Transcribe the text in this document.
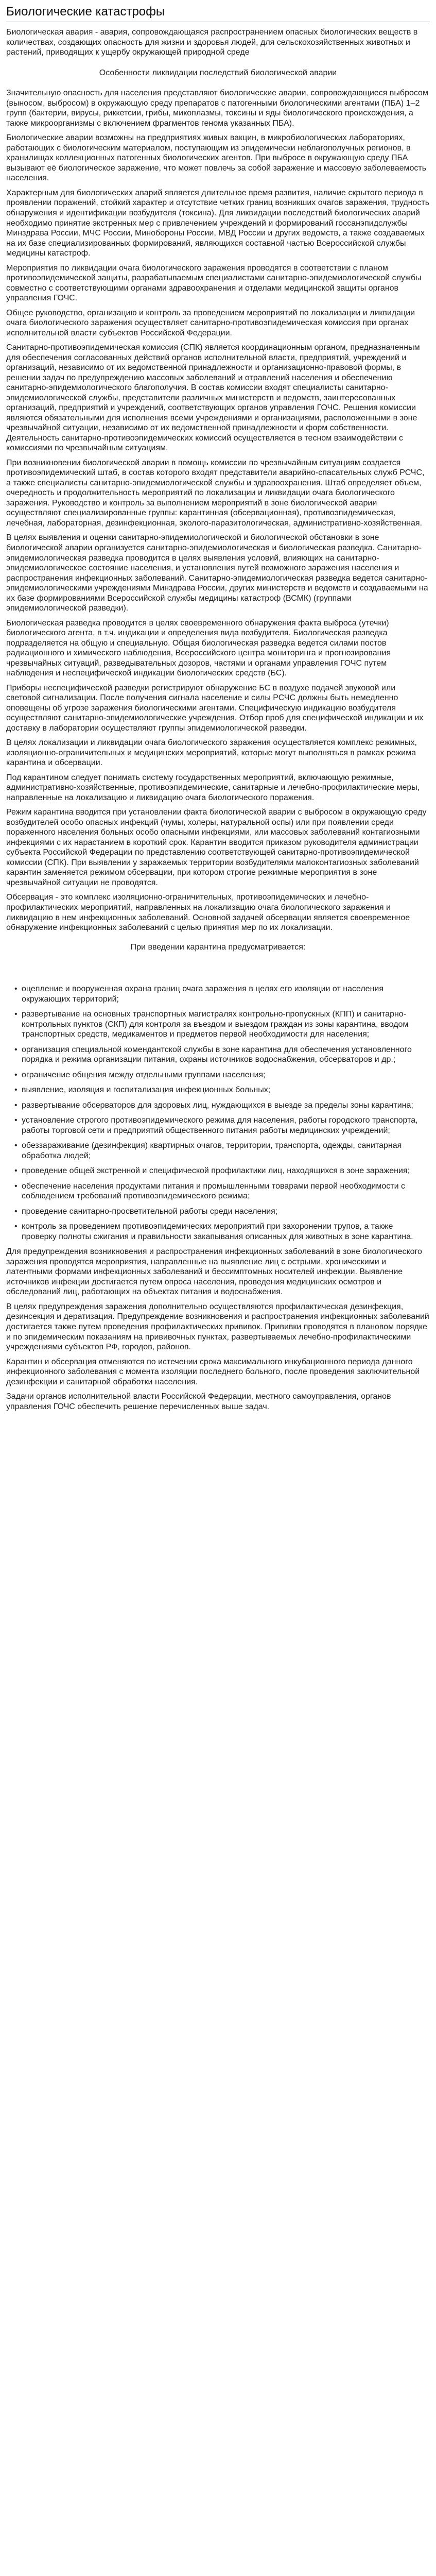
Биологические катастрофы

Биологическая авария - авария, сопровождающаяся распространением опасных биологических веществ в количествах, создающих опасность для жизни и здоровья людей, для сельскохозяйственных животных и растений, приводящих к ущербу окружающей природной среде

Особенности ликвидации последствий биологической аварии

Значительную опасность для населения представляют биологические аварии, сопровождающиеся выбросом (выносом, выбросом) в окружающую среду препаратов с патогенными биологическими агентами (ПБА) 1–2 групп (бактерии, вирусы, риккетсии, грибы, микоплазмы, токсины и яды биологического происхождения, а также микроорганизмы с включением фрагментов генома указанных ПБА).

Биологические аварии возможны на предприятиях живых вакцин, в микробиологических лабораториях, работающих с биологическим материалом, поступающим из эпидемически неблагополучных регионов, в хранилищах коллекционных патогенных биологических агентов. При выбросе в окружающую среду ПБА вызывают её биологическое заражение, что может повлечь за собой заражение и массовую заболеваемость населения.

Характерным для биологических аварий является длительное время развития, наличие скрытого периода в проявлении поражений, стойкий характер и отсутствие четких границ возникших очагов заражения, трудность обнаружения и идентификации возбудителя (токсина). Для ликвидации последствий биологических аварий необходимо принятие экстренных мер с привлечением учреждений и формирований госсанэпидслужбы Минздрава России, МЧС России, Минобороны России, МВД России и других ведомств, а также создаваемых на их базе специализированных формирований, являющихся составной частью Всероссийской службы медицины катастроф.

Мероприятия по ликвидации очага биологического заражения проводятся в соответствии с планом противоэпидемической защиты, разрабатываемым специалистами санитарно-эпидемиологической службы совместно с соответствующими органами здравоохранения и отделами медицинской защиты органов управления ГОЧС.

Общее руководство, организацию и контроль за проведением мероприятий по локализации и ликвидации очага биологического заражения осуществляет санитарно-противоэпидемическая комиссия при органах исполнительной власти субъектов Российской Федерации.

Санитарно-противоэпидемическая комиссия (СПК) является координационным органом, предназначенным для обеспечения согласованных действий органов исполнительной власти, предприятий, учреждений и организаций, независимо от их ведомственной принадлежности и организационно-правовой формы, в решении задач по предупреждению массовых заболеваний и отравлений населения и обеспечению санитарно-эпидемиологического благополучия. В состав комиссии входят специалисты санитарно-эпидемиологической службы, представители различных министерств и ведомств, заинтересованных организаций, предприятий и учреждений, соответствующих органов управления ГОЧС. Решения комиссии являются обязательными для исполнения всеми учреждениями и организациями, расположенными в зоне чрезвычайной ситуации, независимо от их ведомственной принадлежности и форм собственности. Деятельность санитарно-противоэпидемических комиссий осуществляется в тесном взаимодействии с комиссиями по чрезвычайным ситуациям.

При возникновении биологической аварии в помощь комиссии по чрезвычайным ситуациям создается противоэпидемический штаб, в состав которого входят представители аварийно-спасательных служб РСЧС, а также специалисты санитарно-эпидемиологической службы и здравоохранения. Штаб определяет объем, очередность и продолжительность мероприятий по локализации и ликвидации очага биологического заражения. Руководство и контроль за выполнением мероприятий в зоне биологической аварии осуществляют специализированные группы: карантинная (обсервационная), противоэпидемическая, лечебная, лабораторная, дезинфекционная, эколого-паразитологическая, административно-хозяйственная.

В целях выявления и оценки санитарно-эпидемиологической и биологической обстановки в зоне биологической аварии организуется санитарно-эпидемиологическая и биологическая разведка. Санитарно-эпидемиологическая разведка проводится в целях выявления условий, влияющих на санитарно-эпидемиологическое состояние населения, и установления путей возможного заражения населения и распространения инфекционных заболеваний. Санитарно-эпидемиологическая разведка ведется санитарно-эпидемиологическими учреждениями Минздрава России, других министерств и ведомств и создаваемыми на их базе формированиями Всероссийской службы медицины катастроф (ВСМК) (группами эпидемиологической разведки).

Биологическая разведка проводится в целях своевременного обнаружения факта выброса (утечки) биологического агента, в т.ч. индикации и определения вида возбудителя. Биологическая разведка подразделяется на общую и специальную. Общая биологическая разведка ведется силами постов радиационного и химического наблюдения, Всероссийского центра мониторинга и прогнозирования чрезвычайных ситуаций, разведывательных дозоров, частями и органами управления ГОЧС путем наблюдения и неспецифической индикации биологических средств (БС).

Приборы неспецифической разведки регистрируют обнаружение БС в воздухе подачей звуковой или световой сигнализации. После получения сигнала население и силы РСЧС должны быть немедленно оповещены об угрозе заражения биологическими агентами. Специфическую индикацию возбудителя осуществляют санитарно-эпидемиологические учреждения. Отбор проб для специфической индикации и их доставку в лаборатории осуществляют группы эпидемиологической разведки.

В целях локализации и ликвидации очага биологического заражения осуществляется комплекс режимных, изоляционно-ограничительных и медицинских мероприятий, которые могут выполняться в рамках режима карантина и обсервации.

Под карантином следует понимать систему государственных мероприятий, включающую режимные, административно-хозяйственные, противоэпидемические, санитарные и лечебно-профилактические меры, направленные на локализацию и ликвидацию очага биологического поражения.

Режим карантина вводится при установлении факта биологической аварии с выбросом в окружающую среду возбудителей особо опасных инфекций (чумы, холеры, натуральной оспы) или при появлении среди пораженного населения больных особо опасными инфекциями, или массовых заболеваний контагиозными инфекциями с их нарастанием в короткий срок. Карантин вводится приказом руководителя администрации субъекта Российской Федерации по представлению соответствующей санитарно-противоэпидемической комиссии (СПК). При выявлении у заражаемых территории возбудителями малоконтагиозных заболеваний карантин заменяется режимом обсервации, при котором строгие режимные мероприятия в зоне чрезвычайной ситуации не проводятся.

Обсервация - это комплекс изоляционно-ограничительных, противоэпидемических и лечебно-профилактических мероприятий, направленных на локализацию очага биологического заражения и ликвидацию в нем инфекционных заболеваний. Основной задачей обсервации является своевременное обнаружение инфекционных заболеваний с целью принятия мер по их локализации.

При введении карантина предусматривается:

• оцепление и вооруженная охрана границ очага заражения в целях его изоляции от населения окружающих территорий;
• развертывание на основных транспортных магистралях контрольно-пропускных (КПП) и санитарно-контрольных пунктов (СКП) для контроля за въездом и выездом граждан из зоны карантина, вводом транспортных средств, медикаментов и предметов первой необходимости для населения;
• организация специальной комендантской службы в зоне карантина для обеспечения установленного порядка и режима организации питания, охраны источников водоснабжения, обсерваторов и др.;
• ограничение общения между отдельными группами населения;
• выявление, изоляция и госпитализация инфекционных больных;
• развертывание обсерваторов для здоровых лиц, нуждающихся в выезде за пределы зоны карантина;
• установление строгого противоэпидемического режима для населения, работы городского транспорта, работы торговой сети и предприятий общественного питания работы медицинских учреждений;
• обеззараживание (дезинфекция) квартирных очагов, территории, транспорта, одежды, санитарная обработка людей;
• проведение общей экстренной и специфической профилактики лиц, находящихся в зоне заражения;
• обеспечение населения продуктами питания и промышленными товарами первой необходимости с соблюдением требований противоэпидемического режима;
• проведение санитарно-просветительной работы среди населения;
• контроль за проведением противоэпидемических мероприятий при захоронении трупов, а также проверку полноты сжигания и правильности закапывания описанных для животных в зоне карантина.

Для предупреждения возникновения и распространения инфекционных заболеваний в зоне биологического заражения проводятся мероприятия, направленные на выявление лиц с острыми, хроническими и латентными формами инфекционных заболеваний и бессимптомных носителей инфекции. Выявление источников инфекции достигается путем опроса населения, проведения медицинских осмотров и обследований лиц, работающих на объектах питания и водоснабжения.

В целях предупреждения заражения дополнительно осуществляются профилактическая дезинфекция, дезинсекция и дератизация. Предупреждение возникновения и распространения инфекционных заболеваний достигается также путем проведения профилактических прививок. Прививки проводятся в плановом порядке и по эпидемическим показаниям на прививочных пунктах, развертываемых лечебно-профилактическими учреждениями субъектов РФ, городов, районов.

Карантин и обсервация отменяются по истечении срока максимального инкубационного периода данного инфекционного заболевания с момента изоляции последнего больного, после проведения заключительной дезинфекции и санитарной обработки населения.

Задачи органов исполнительной власти Российской Федерации, местного самоуправления, органов управления ГОЧС обеспечить решение перечисленных выше задач.
